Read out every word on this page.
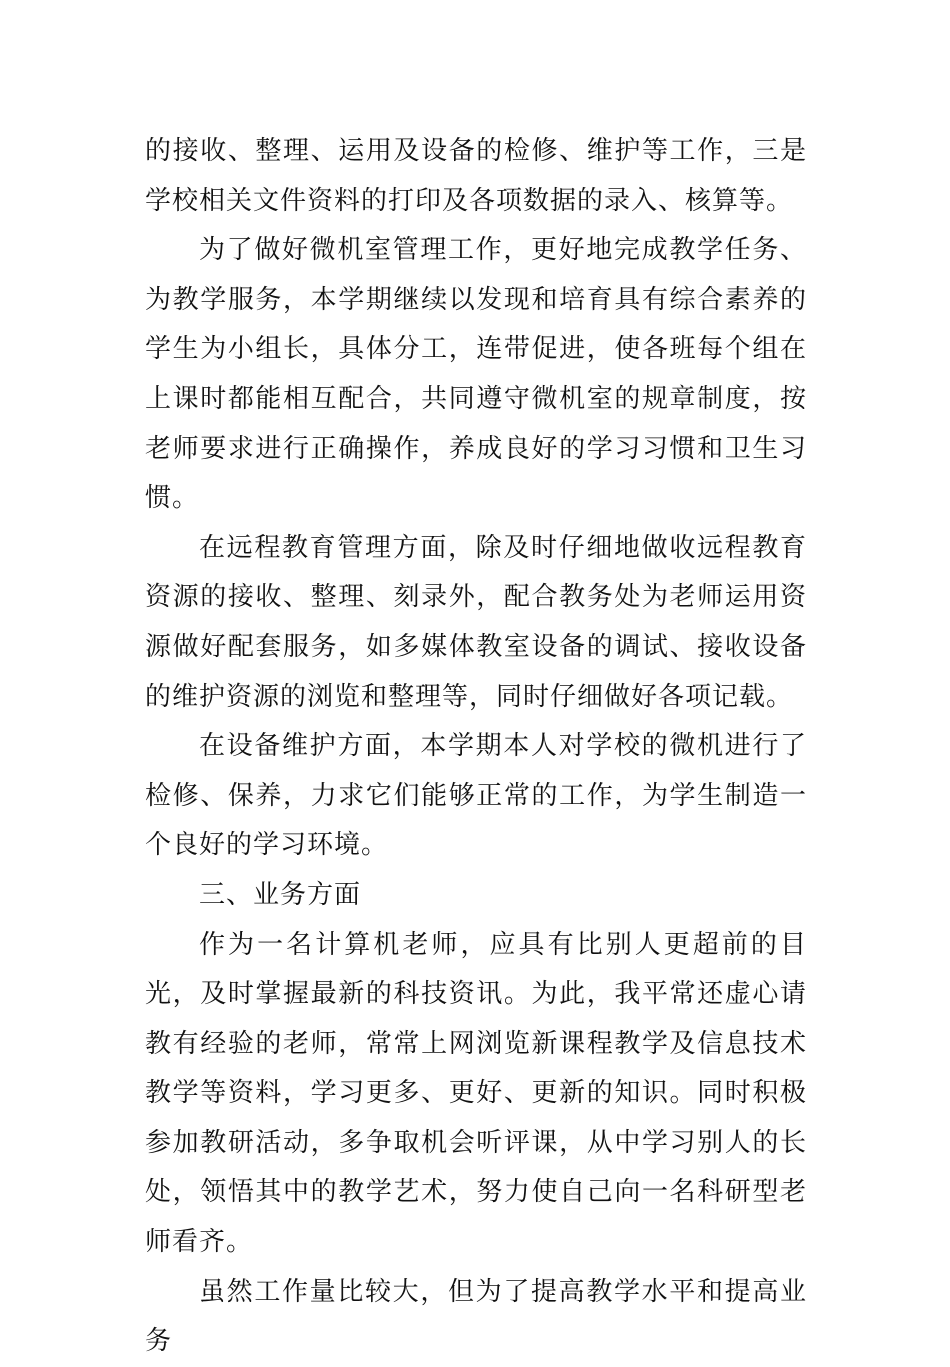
的接收、整理、运用及设备的检修、维护等工作，三是学校相关文件资料的打印及各项数据的录入、核算等。

为了做好微机室管理工作，更好地完成教学任务、为教学服务，本学期继续以发现和培育具有综合素养的学生为小组长，具体分工，连带促进，使各班每个组在上课时都能相互配合，共同遵守微机室的规章制度，按老师要求进行正确操作，养成良好的学习习惯和卫生习惯。

在远程教育管理方面，除及时仔细地做收远程教育资源的接收、整理、刻录外，配合教务处为老师运用资源做好配套服务，如多媒体教室设备的调试、接收设备的维护资源的浏览和整理等，同时仔细做好各项记载。

在设备维护方面，本学期本人对学校的微机进行了检修、保养，力求它们能够正常的工作，为学生制造一个良好的学习环境。

三、业务方面

作为一名计算机老师，应具有比别人更超前的目光，及时掌握最新的科技资讯。为此，我平常还虚心请教有经验的老师，常常上网浏览新课程教学及信息技术教学等资料，学习更多、更好、更新的知识。同时积极参加教研活动，多争取机会听评课，从中学习别人的长处，领悟其中的教学艺术，努力使自己向一名科研型老师看齐。

虽然工作量比较大，但为了提高教学水平和提高业务
